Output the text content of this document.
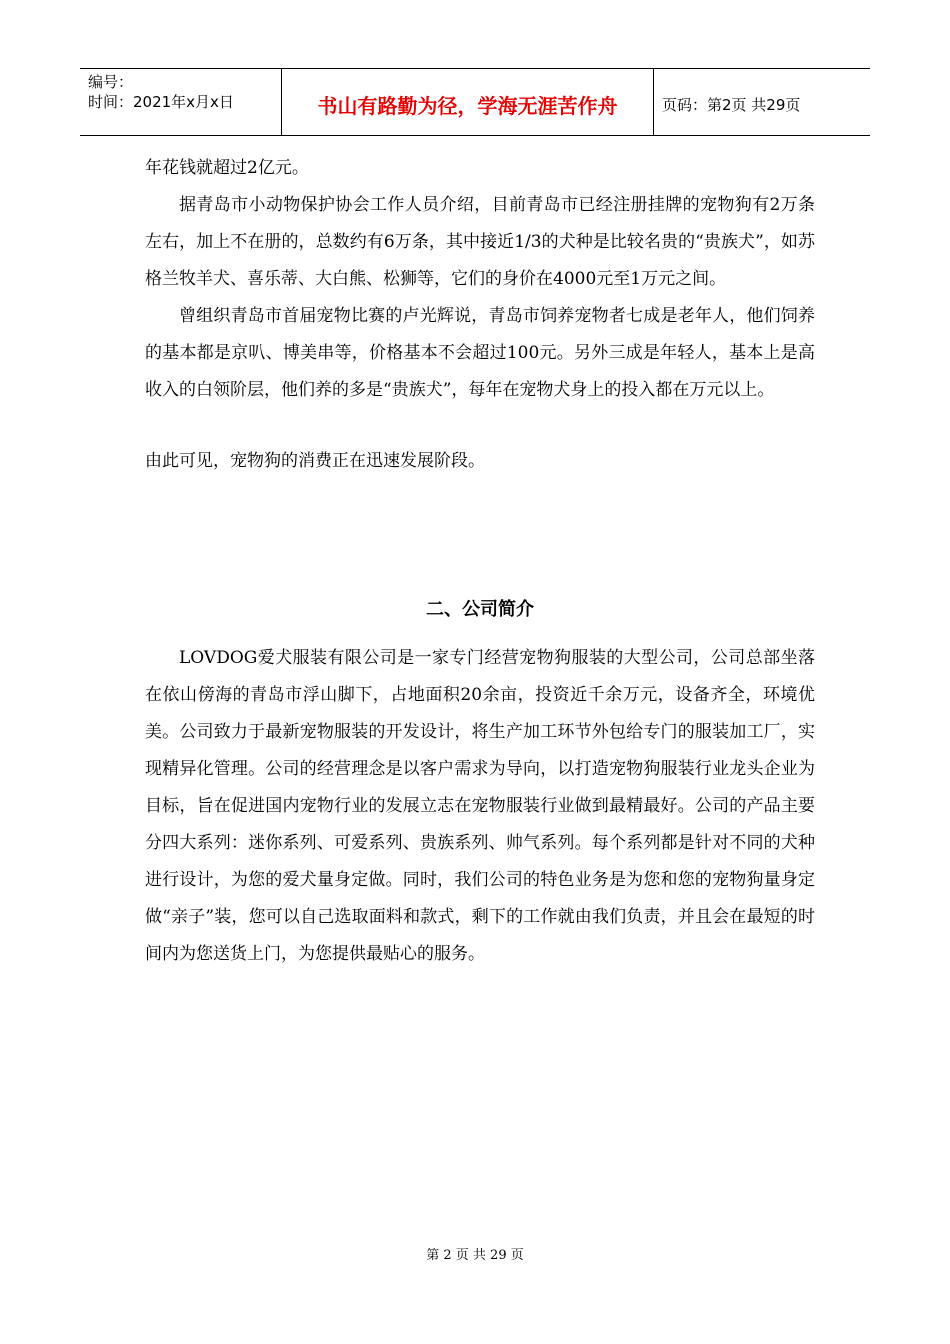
编号：
时间：2021年x月x日	书山有路勤为径，学海无涯苦作舟	页码：第2页 共29页

年花钱就超过2亿元。

据青岛市小动物保护协会工作人员介绍，目前青岛市已经注册挂牌的宠物狗有2万条左右，加上不在册的，总数约有6万条，其中接近1/3的犬种是比较名贵的“贵族犬”，如苏格兰牧羊犬、喜乐蒂、大白熊、松狮等，它们的身价在4000元至1万元之间。

曾组织青岛市首届宠物比赛的卢光辉说，青岛市饲养宠物者七成是老年人，他们饲养的基本都是京叭、博美串等，价格基本不会超过100元。另外三成是年轻人，基本上是高收入的白领阶层，他们养的多是“贵族犬”，每年在宠物犬身上的投入都在万元以上。

由此可见，宠物狗的消费正在迅速发展阶段。

二、公司简介

LOVDOG爱犬服装有限公司是一家专门经营宠物狗服装的大型公司，公司总部坐落在依山傍海的青岛市浮山脚下，占地面积20余亩，投资近千余万元，设备齐全，环境优美。公司致力于最新宠物服装的开发设计，将生产加工环节外包给专门的服装加工厂，实现精异化管理。公司的经营理念是以客户需求为导向，以打造宠物狗服装行业龙头企业为目标，旨在促进国内宠物行业的发展立志在宠物服装行业做到最精最好。公司的产品主要分四大系列：迷你系列、可爱系列、贵族系列、帅气系列。每个系列都是针对不同的犬种进行设计，为您的爱犬量身定做。同时，我们公司的特色业务是为您和您的宠物狗量身定做“亲子”装，您可以自己选取面料和款式，剩下的工作就由我们负责，并且会在最短的时间内为您送货上门，为您提供最贴心的服务。

第 2 页 共 29 页
